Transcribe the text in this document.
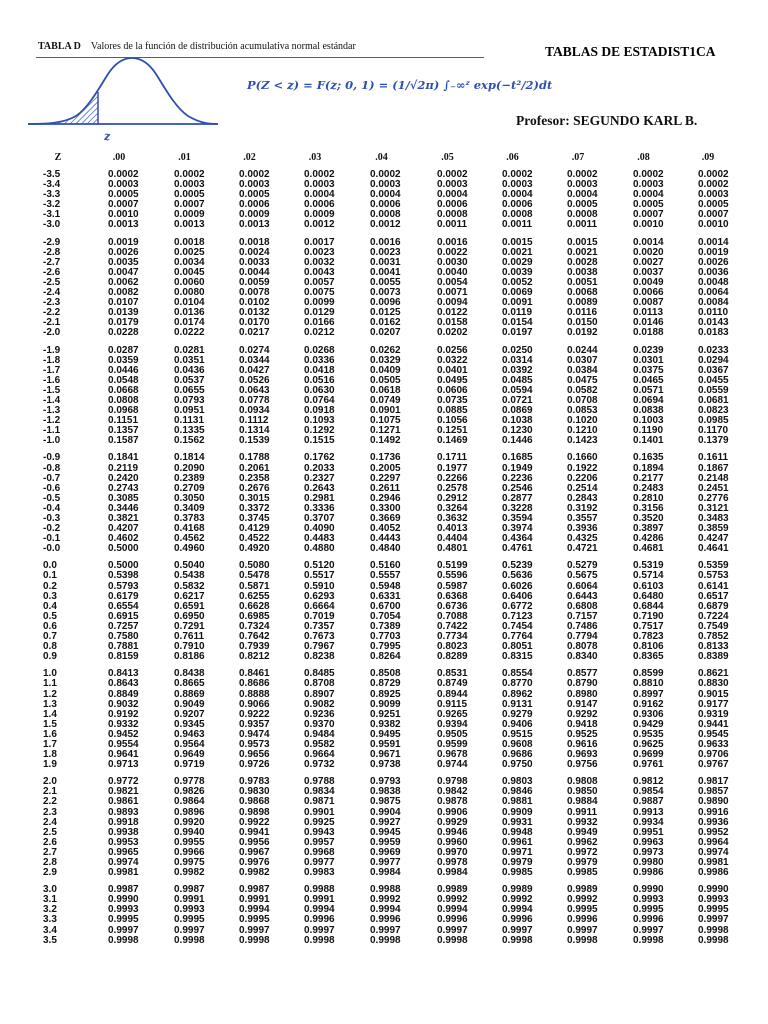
TABLA D Valores de la función de distribución acumulativa normal estándar	TABLAS DE ESTADIST1CA
z
P(Z < z) = F(z; 0, 1) = (1/√2π) ∫₋∞ᶻ exp(−t²/2)dt
Profesor: SEGUNDO KARL B.
Z	.00	.01	.02	.03	.04	.05	.06	.07	.08	.09
-3.5	0.0002	0.0002	0.0002	0.0002	0.0002	0.0002	0.0002	0.0002	0.0002	0.0002
-3.4	0.0003	0.0003	0.0003	0.0003	0.0003	0.0003	0.0003	0.0003	0.0003	0.0002
-3.3	0.0005	0.0005	0.0005	0.0004	0.0004	0.0004	0.0004	0.0004	0.0004	0.0003
-3.2	0.0007	0.0007	0.0006	0.0006	0.0006	0.0006	0.0006	0.0005	0.0005	0.0005
-3.1	0.0010	0.0009	0.0009	0.0009	0.0008	0.0008	0.0008	0.0008	0.0007	0.0007
-3.0	0.0013	0.0013	0.0013	0.0012	0.0012	0.0011	0.0011	0.0011	0.0010	0.0010

-2.9	0.0019	0.0018	0.0018	0.0017	0.0016	0.0016	0.0015	0.0015	0.0014	0.0014
-2.8	0.0026	0.0025	0.0024	0.0023	0.0023	0.0022	0.0021	0.0021	0.0020	0.0019
-2.7	0.0035	0.0034	0.0033	0.0032	0.0031	0.0030	0.0029	0.0028	0.0027	0.0026
-2.6	0.0047	0.0045	0.0044	0.0043	0.0041	0.0040	0.0039	0.0038	0.0037	0.0036
-2.5	0.0062	0.0060	0.0059	0.0057	0.0055	0.0054	0.0052	0.0051	0.0049	0.0048
-2.4	0.0082	0.0080	0.0078	0.0075	0.0073	0.0071	0.0069	0.0068	0.0066	0.0064
-2.3	0.0107	0.0104	0.0102	0.0099	0.0096	0.0094	0.0091	0.0089	0.0087	0.0084
-2.2	0.0139	0.0136	0.0132	0.0129	0.0125	0.0122	0.0119	0.0116	0.0113	0.0110
-2.1	0.0179	0.0174	0.0170	0.0166	0.0162	0.0158	0.0154	0.0150	0.0146	0.0143
-2.0	0.0228	0.0222	0.0217	0.0212	0.0207	0.0202	0.0197	0.0192	0.0188	0.0183

-1.9	0.0287	0.0281	0.0274	0.0268	0.0262	0.0256	0.0250	0.0244	0.0239	0.0233
-1.8	0.0359	0.0351	0.0344	0.0336	0.0329	0.0322	0.0314	0.0307	0.0301	0.0294
-1.7	0.0446	0.0436	0.0427	0.0418	0.0409	0.0401	0.0392	0.0384	0.0375	0.0367
-1.6	0.0548	0.0537	0.0526	0.0516	0.0505	0.0495	0.0485	0.0475	0.0465	0.0455
-1.5	0.0668	0.0655	0.0643	0.0630	0.0618	0.0606	0.0594	0.0582	0.0571	0.0559
-1.4	0.0808	0.0793	0.0778	0.0764	0.0749	0.0735	0.0721	0.0708	0.0694	0.0681
-1.3	0.0968	0.0951	0.0934	0.0918	0.0901	0.0885	0.0869	0.0853	0.0838	0.0823
-1.2	0.1151	0.1131	0.1112	0.1093	0.1075	0.1056	0.1038	0.1020	0.1003	0.0985
-1.1	0.1357	0.1335	0.1314	0.1292	0.1271	0.1251	0.1230	0.1210	0.1190	0.1170
-1.0	0.1587	0.1562	0.1539	0.1515	0.1492	0.1469	0.1446	0.1423	0.1401	0.1379

-0.9	0.1841	0.1814	0.1788	0.1762	0.1736	0.1711	0.1685	0.1660	0.1635	0.1611
-0.8	0.2119	0.2090	0.2061	0.2033	0.2005	0.1977	0.1949	0.1922	0.1894	0.1867
-0.7	0.2420	0.2389	0.2358	0.2327	0.2297	0.2266	0.2236	0.2206	0.2177	0.2148
-0.6	0.2743	0.2709	0.2676	0.2643	0.2611	0.2578	0.2546	0.2514	0.2483	0.2451
-0.5	0.3085	0.3050	0.3015	0.2981	0.2946	0.2912	0.2877	0.2843	0.2810	0.2776
-0.4	0.3446	0.3409	0.3372	0.3336	0.3300	0.3264	0.3228	0.3192	0.3156	0.3121
-0.3	0.3821	0.3783	0.3745	0.3707	0.3669	0.3632	0.3594	0.3557	0.3520	0.3483
-0.2	0.4207	0.4168	0.4129	0.4090	0.4052	0.4013	0.3974	0.3936	0.3897	0.3859
-0.1	0.4602	0.4562	0.4522	0.4483	0.4443	0.4404	0.4364	0.4325	0.4286	0.4247
-0.0	0.5000	0.4960	0.4920	0.4880	0.4840	0.4801	0.4761	0.4721	0.4681	0.4641

0.0	0.5000	0.5040	0.5080	0.5120	0.5160	0.5199	0.5239	0.5279	0.5319	0.5359
0.1	0.5398	0.5438	0.5478	0.5517	0.5557	0.5596	0.5636	0.5675	0.5714	0.5753
0.2	0.5793	0.5832	0.5871	0.5910	0.5948	0.5987	0.6026	0.6064	0.6103	0.6141
0.3	0.6179	0.6217	0.6255	0.6293	0.6331	0.6368	0.6406	0.6443	0.6480	0.6517
0.4	0.6554	0.6591	0.6628	0.6664	0.6700	0.6736	0.6772	0.6808	0.6844	0.6879
0.5	0.6915	0.6950	0.6985	0.7019	0.7054	0.7088	0.7123	0.7157	0.7190	0.7224
0.6	0.7257	0.7291	0.7324	0.7357	0.7389	0.7422	0.7454	0.7486	0.7517	0.7549
0.7	0.7580	0.7611	0.7642	0.7673	0.7703	0.7734	0.7764	0.7794	0.7823	0.7852
0.8	0.7881	0.7910	0.7939	0.7967	0.7995	0.8023	0.8051	0.8078	0.8106	0.8133
0.9	0.8159	0.8186	0.8212	0.8238	0.8264	0.8289	0.8315	0.8340	0.8365	0.8389

1.0	0.8413	0.8438	0.8461	0.8485	0.8508	0.8531	0.8554	0.8577	0.8599	0.8621
1.1	0.8643	0.8665	0.8686	0.8708	0.8729	0.8749	0.8770	0.8790	0.8810	0.8830
1.2	0.8849	0.8869	0.8888	0.8907	0.8925	0.8944	0.8962	0.8980	0.8997	0.9015
1.3	0.9032	0.9049	0.9066	0.9082	0.9099	0.9115	0.9131	0.9147	0.9162	0.9177
1.4	0.9192	0.9207	0.9222	0.9236	0.9251	0.9265	0.9279	0.9292	0.9306	0.9319
1.5	0.9332	0.9345	0.9357	0.9370	0.9382	0.9394	0.9406	0.9418	0.9429	0.9441
1.6	0.9452	0.9463	0.9474	0.9484	0.9495	0.9505	0.9515	0.9525	0.9535	0.9545
1.7	0.9554	0.9564	0.9573	0.9582	0.9591	0.9599	0.9608	0.9616	0.9625	0.9633
1.8	0.9641	0.9649	0.9656	0.9664	0.9671	0.9678	0.9686	0.9693	0.9699	0.9706
1.9	0.9713	0.9719	0.9726	0.9732	0.9738	0.9744	0.9750	0.9756	0.9761	0.9767

2.0	0.9772	0.9778	0.9783	0.9788	0.9793	0.9798	0.9803	0.9808	0.9812	0.9817
2.1	0.9821	0.9826	0.9830	0.9834	0.9838	0.9842	0.9846	0.9850	0.9854	0.9857
2.2	0.9861	0.9864	0.9868	0.9871	0.9875	0.9878	0.9881	0.9884	0.9887	0.9890
2.3	0.9893	0.9896	0.9898	0.9901	0.9904	0.9906	0.9909	0.9911	0.9913	0.9916
2.4	0.9918	0.9920	0.9922	0.9925	0.9927	0.9929	0.9931	0.9932	0.9934	0.9936
2.5	0.9938	0.9940	0.9941	0.9943	0.9945	0.9946	0.9948	0.9949	0.9951	0.9952
2.6	0.9953	0.9955	0.9956	0.9957	0.9959	0.9960	0.9961	0.9962	0.9963	0.9964
2.7	0.9965	0.9966	0.9967	0.9968	0.9969	0.9970	0.9971	0.9972	0.9973	0.9974
2.8	0.9974	0.9975	0.9976	0.9977	0.9977	0.9978	0.9979	0.9979	0.9980	0.9981
2.9	0.9981	0.9982	0.9982	0.9983	0.9984	0.9984	0.9985	0.9985	0.9986	0.9986

3.0	0.9987	0.9987	0.9987	0.9988	0.9988	0.9989	0.9989	0.9989	0.9990	0.9990
3.1	0.9990	0.9991	0.9991	0.9991	0.9992	0.9992	0.9992	0.9992	0.9993	0.9993
3.2	0.9993	0.9993	0.9994	0.9994	0.9994	0.9994	0.9994	0.9995	0.9995	0.9995
3.3	0.9995	0.9995	0.9995	0.9996	0.9996	0.9996	0.9996	0.9996	0.9996	0.9997
3.4	0.9997	0.9997	0.9997	0.9997	0.9997	0.9997	0.9997	0.9997	0.9997	0.9998
3.5	0.9998	0.9998	0.9998	0.9998	0.9998	0.9998	0.9998	0.9998	0.9998	0.9998
